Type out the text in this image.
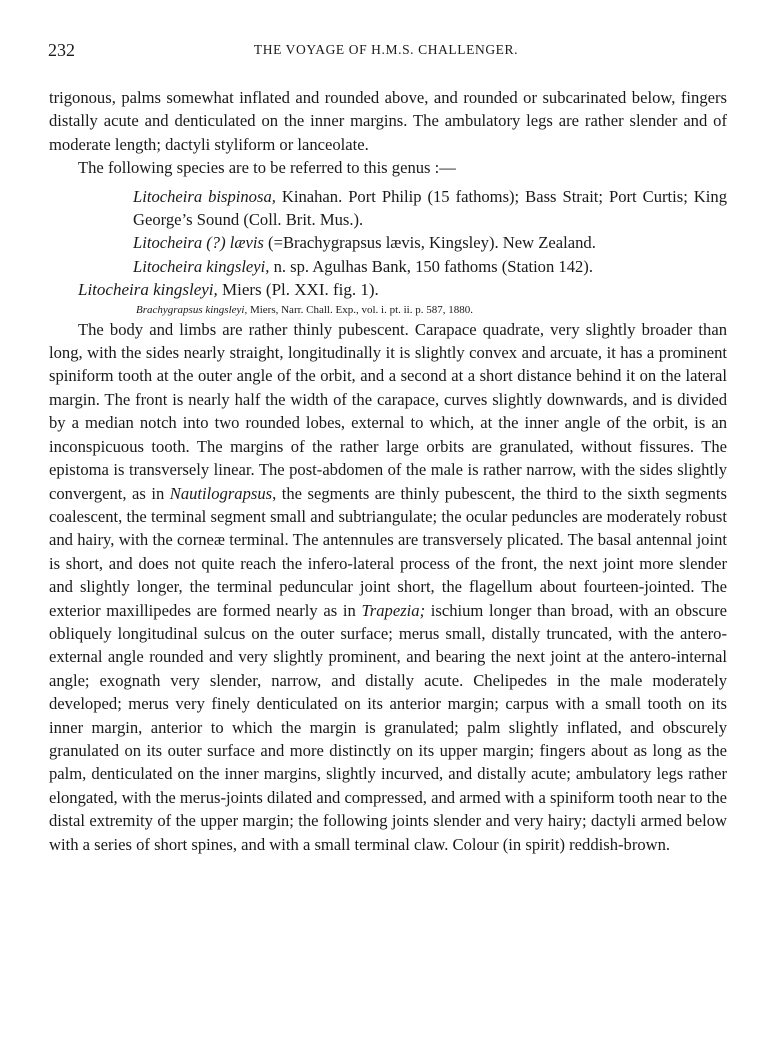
232	THE VOYAGE OF H.M.S. CHALLENGER.

trigonous, palms somewhat inflated and rounded above, and rounded or subcarinated below, fingers distally acute and denticulated on the inner margins. The ambulatory legs are rather slender and of moderate length; dactyli styliform or lanceolate.

The following species are to be referred to this genus :—

Litocheira bispinosa, Kinahan. Port Philip (15 fathoms); Bass Strait; Port Curtis; King George’s Sound (Coll. Brit. Mus.).

Litocheira (?) lævis (=Brachygrapsus lævis, Kingsley). New Zealand.

Litocheira kingsleyi, n. sp. Agulhas Bank, 150 fathoms (Station 142).

Litocheira kingsleyi, Miers (Pl. XXI. fig. 1).

Brachygrapsus kingsleyi, Miers, Narr. Chall. Exp., vol. i. pt. ii. p. 587, 1880.

The body and limbs are rather thinly pubescent. Carapace quadrate, very slightly broader than long, with the sides nearly straight, longitudinally it is slightly convex and arcuate, it has a prominent spiniform tooth at the outer angle of the orbit, and a second at a short distance behind it on the lateral margin. The front is nearly half the width of the carapace, curves slightly downwards, and is divided by a median notch into two rounded lobes, external to which, at the inner angle of the orbit, is an inconspicuous tooth. The margins of the rather large orbits are granulated, without fissures. The epistoma is transversely linear. The post-abdomen of the male is rather narrow, with the sides slightly convergent, as in Nautilograpsus, the segments are thinly pubescent, the third to the sixth segments coalescent, the terminal segment small and subtriangulate; the ocular peduncles are moderately robust and hairy, with the corneæ terminal. The antennules are transversely plicated. The basal antennal joint is short, and does not quite reach the infero-lateral process of the front, the next joint more slender and slightly longer, the terminal peduncular joint short, the flagellum about fourteen-jointed. The exterior maxillipedes are formed nearly as in Trapezia; ischium longer than broad, with an obscure obliquely longitudinal sulcus on the outer surface; merus small, distally truncated, with the antero-external angle rounded and very slightly prominent, and bearing the next joint at the antero-internal angle; exognath very slender, narrow, and distally acute. Chelipedes in the male moderately developed; merus very finely denticulated on its anterior margin; carpus with a small tooth on its inner margin, anterior to which the margin is granulated; palm slightly inflated, and obscurely granulated on its outer surface and more distinctly on its upper margin; fingers about as long as the palm, denticulated on the inner margins, slightly incurved, and distally acute; ambulatory legs rather elongated, with the merus-joints dilated and compressed, and armed with a spiniform tooth near to the distal extremity of the upper margin; the following joints slender and very hairy; dactyli armed below with a series of short spines, and with a small terminal claw. Colour (in spirit) reddish-brown.
